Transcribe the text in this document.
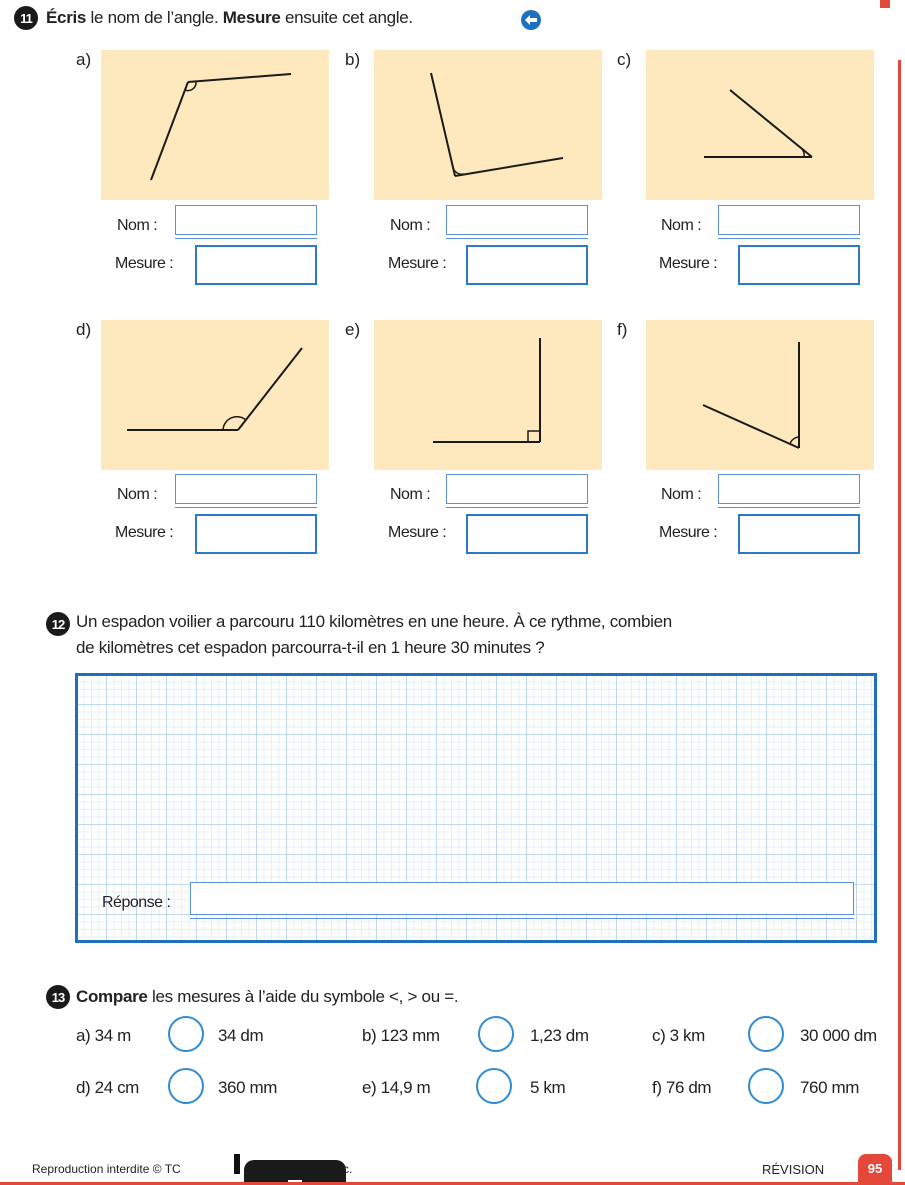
11 Écris le nom de l’angle. Mesure ensuite cet angle.
a)	b)	c)
Nom :	Nom :	Nom :
Mesure :	Mesure :	Mesure :
d)	e)	f)
Nom :	Nom :	Nom :
Mesure :	Mesure :	Mesure :
12 Un espadon voilier a parcouru 110 kilomètres en une heure. À ce rythme, combien
de kilomètres cet espadon parcourra-t-il en 1 heure 30 minutes ?
Réponse :
13 Compare les mesures à l’aide du symbole <, > ou =.
a) 34 m	34 dm	b) 123 mm	1,23 dm	c) 3 km	30 000 dm
d) 24 cm	360 mm	e) 14,9 m	5 km	f) 76 dm	760 mm
Reproduction interdite © TC	c.	RÉVISION	95
